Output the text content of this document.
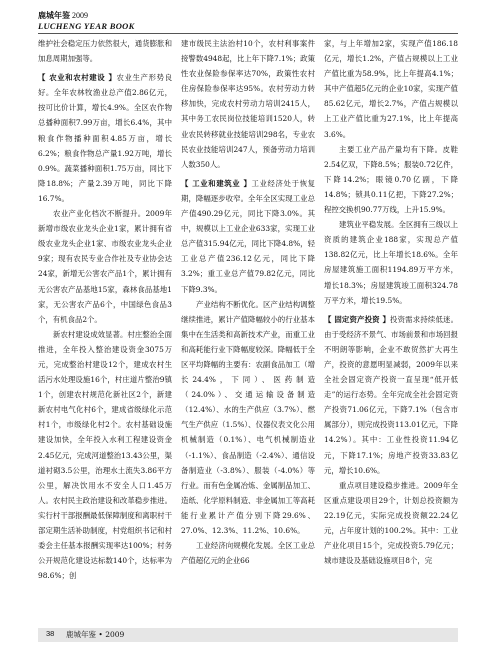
鹿城年鉴 2009
LUCHENG YEAR BOOK

维护社会稳定压力依然很大，通货膨胀和加息周期加强等。

【 农业和农村建设 】农业生产形势良好。全年农林牧渔业总产值2.86亿元，按可比价计算，增长4.9%。全区农作物总播种面积7.99万亩，增长6.4%，其中粮食作物播种面积4.85万亩，增长6.2%；粮食作物总产量1.92万吨，增长0.9%。蔬菜播种面积1.75万亩，同比下降18.8%；产量2.39万吨，同比下降16.7%。

农业产业化档次不断提升。2009年新增市级农业龙头企业1家，累计拥有省级农业龙头企业1家、市级农业龙头企业9家；现有农民专业合作社及专业协会达24家，新增无公害农产品1个，累计拥有无公害农产品基地15家，森林食品基地1家，无公害农产品6个，中国绿色食品3个，有机食品2个。

新农村建设成效显著。村庄整治全面推进，全年投入整治建设资金3075万元，完成整治村建设12个，建成农村生活污水处理设施16个，村庄道片整治9镇1个，创建农村规范化新社区2个，新建新农村电气化村6个，建成省级绿化示范村1个，市级绿化村2个。农村基础设施建设加快，全年投入水利工程建设资金2.45亿元，完成河道整治13.43公里，渠道衬砌3.5公里，治理水土流失3.86平方公里，解决饮用水不安全人口1.45万人。农村民主政治建设和改革稳步推进。实行村干部报酬最低保障制度和离职村干部定期生活补助制度，村党组织书记和村委会主任基本报酬实现率达100%；村务公开规范化建设达标数140个，达标率为98.6%；创

建市级民主法治村10个，农村利事案件接警数4948起，比上年下降7.1%；政策性农业保险参保率达70%，政策性农村住房保险参保率达95%。农村劳动力转移加快，完成农村劳动力培训2415人，其中务工农民岗位技能培训1520人，转业农民转移就业技能培训298名，专业农民农业技能培训247人，预备劳动力培训人数350人。

【 工业和建筑业 】工业经济处于恢复期，降幅逐步收窄。全年全区实现工业总产值490.29亿元，同比下降3.0%。其中，规模以上工业企业633家，实现工业总产值315.94亿元，同比下降4.8%，轻工业总产值236.12亿元，同比下降3.2%；重工业总产值79.82亿元，同比下降9.3%。

产业结构不断优化。区产业结构调整继续推进，累计产值降幅较小的行业基本集中在生活类和高新技术产业，而重工业和高耗能行业下降幅度较深。降幅低于全区平均降幅的主要有：农副食品加工（增长24.4%，下同）、医药制造（24.0%）、交通运输设备制造（12.4%）、水的生产供应（3.7%）、燃气生产供应（1.5%）、仪器仪表文化公用机械制造（0.1%）、电气机械制造业（-1.1%）、食品制造（-2.4%）、通信设备制造业（-3.8%）、服装（-4.0%）等行业。而有色金属冶炼、金属制品加工、造纸、化学原料制造、非金属加工等高耗能行业累计产值分别下降29.6%、27.0%、12.3%、11.2%、10.6%。

工业经济向规模化发展。全区工业总产值超亿元的企业66

家，与上年增加2家，实现产值186.18亿元，增长1.2%，产值占规模以上工业产值比重为58.9%，比上年提高4.1%；其中产值超5亿元的企业10家，实现产值85.62亿元，增长2.7%，产值占规模以上工业产值比重为27.1%，比上年提高3.6%。

主要工业产品产量均有下降。皮鞋2.54亿双，下降8.5%；服装0.72亿件，下降14.2%；眼镜0.70亿副，下降14.8%；锁具0.11亿把，下降27.2%；程控交换机90.77万线，上升15.9%。

建筑业平稳发展。全区拥有三级以上资质的建筑企业188家，实现总产值138.82亿元，比上年增长18.6%。全年房屋建筑施工面积1194.89万平方米，增长18.3%；房屋建筑竣工面积324.78万平方米，增长19.5%。

【 固定资产投资 】投资需求持续低迷。由于受经济不景气、市场前景和市场回报不明朗等影响，企业不敢贸然扩大再生产，投资的意愿明显减弱，2009年以来全社会固定资产投资一直呈现“低开低走”的运行态势。全年完成全社会固定资产投资71.06亿元，下降7.1%（包含市属部分），则完成投资113.01亿元，下降14.2%）。其中：工业性投资11.94亿元，下降17.1%；房地产投资33.83亿元，增长10.6%。

重点项目建设稳步推进。2009年全区重点建设项目29个，计划总投资额为22.19亿元，实际完成投资额22.24亿元，占年度计划的100.2%。其中：工业产业化项目15个，完成投资5.79亿元；城市建设及基础设施项目8个，完

38 鹿城年鉴 • 2009
